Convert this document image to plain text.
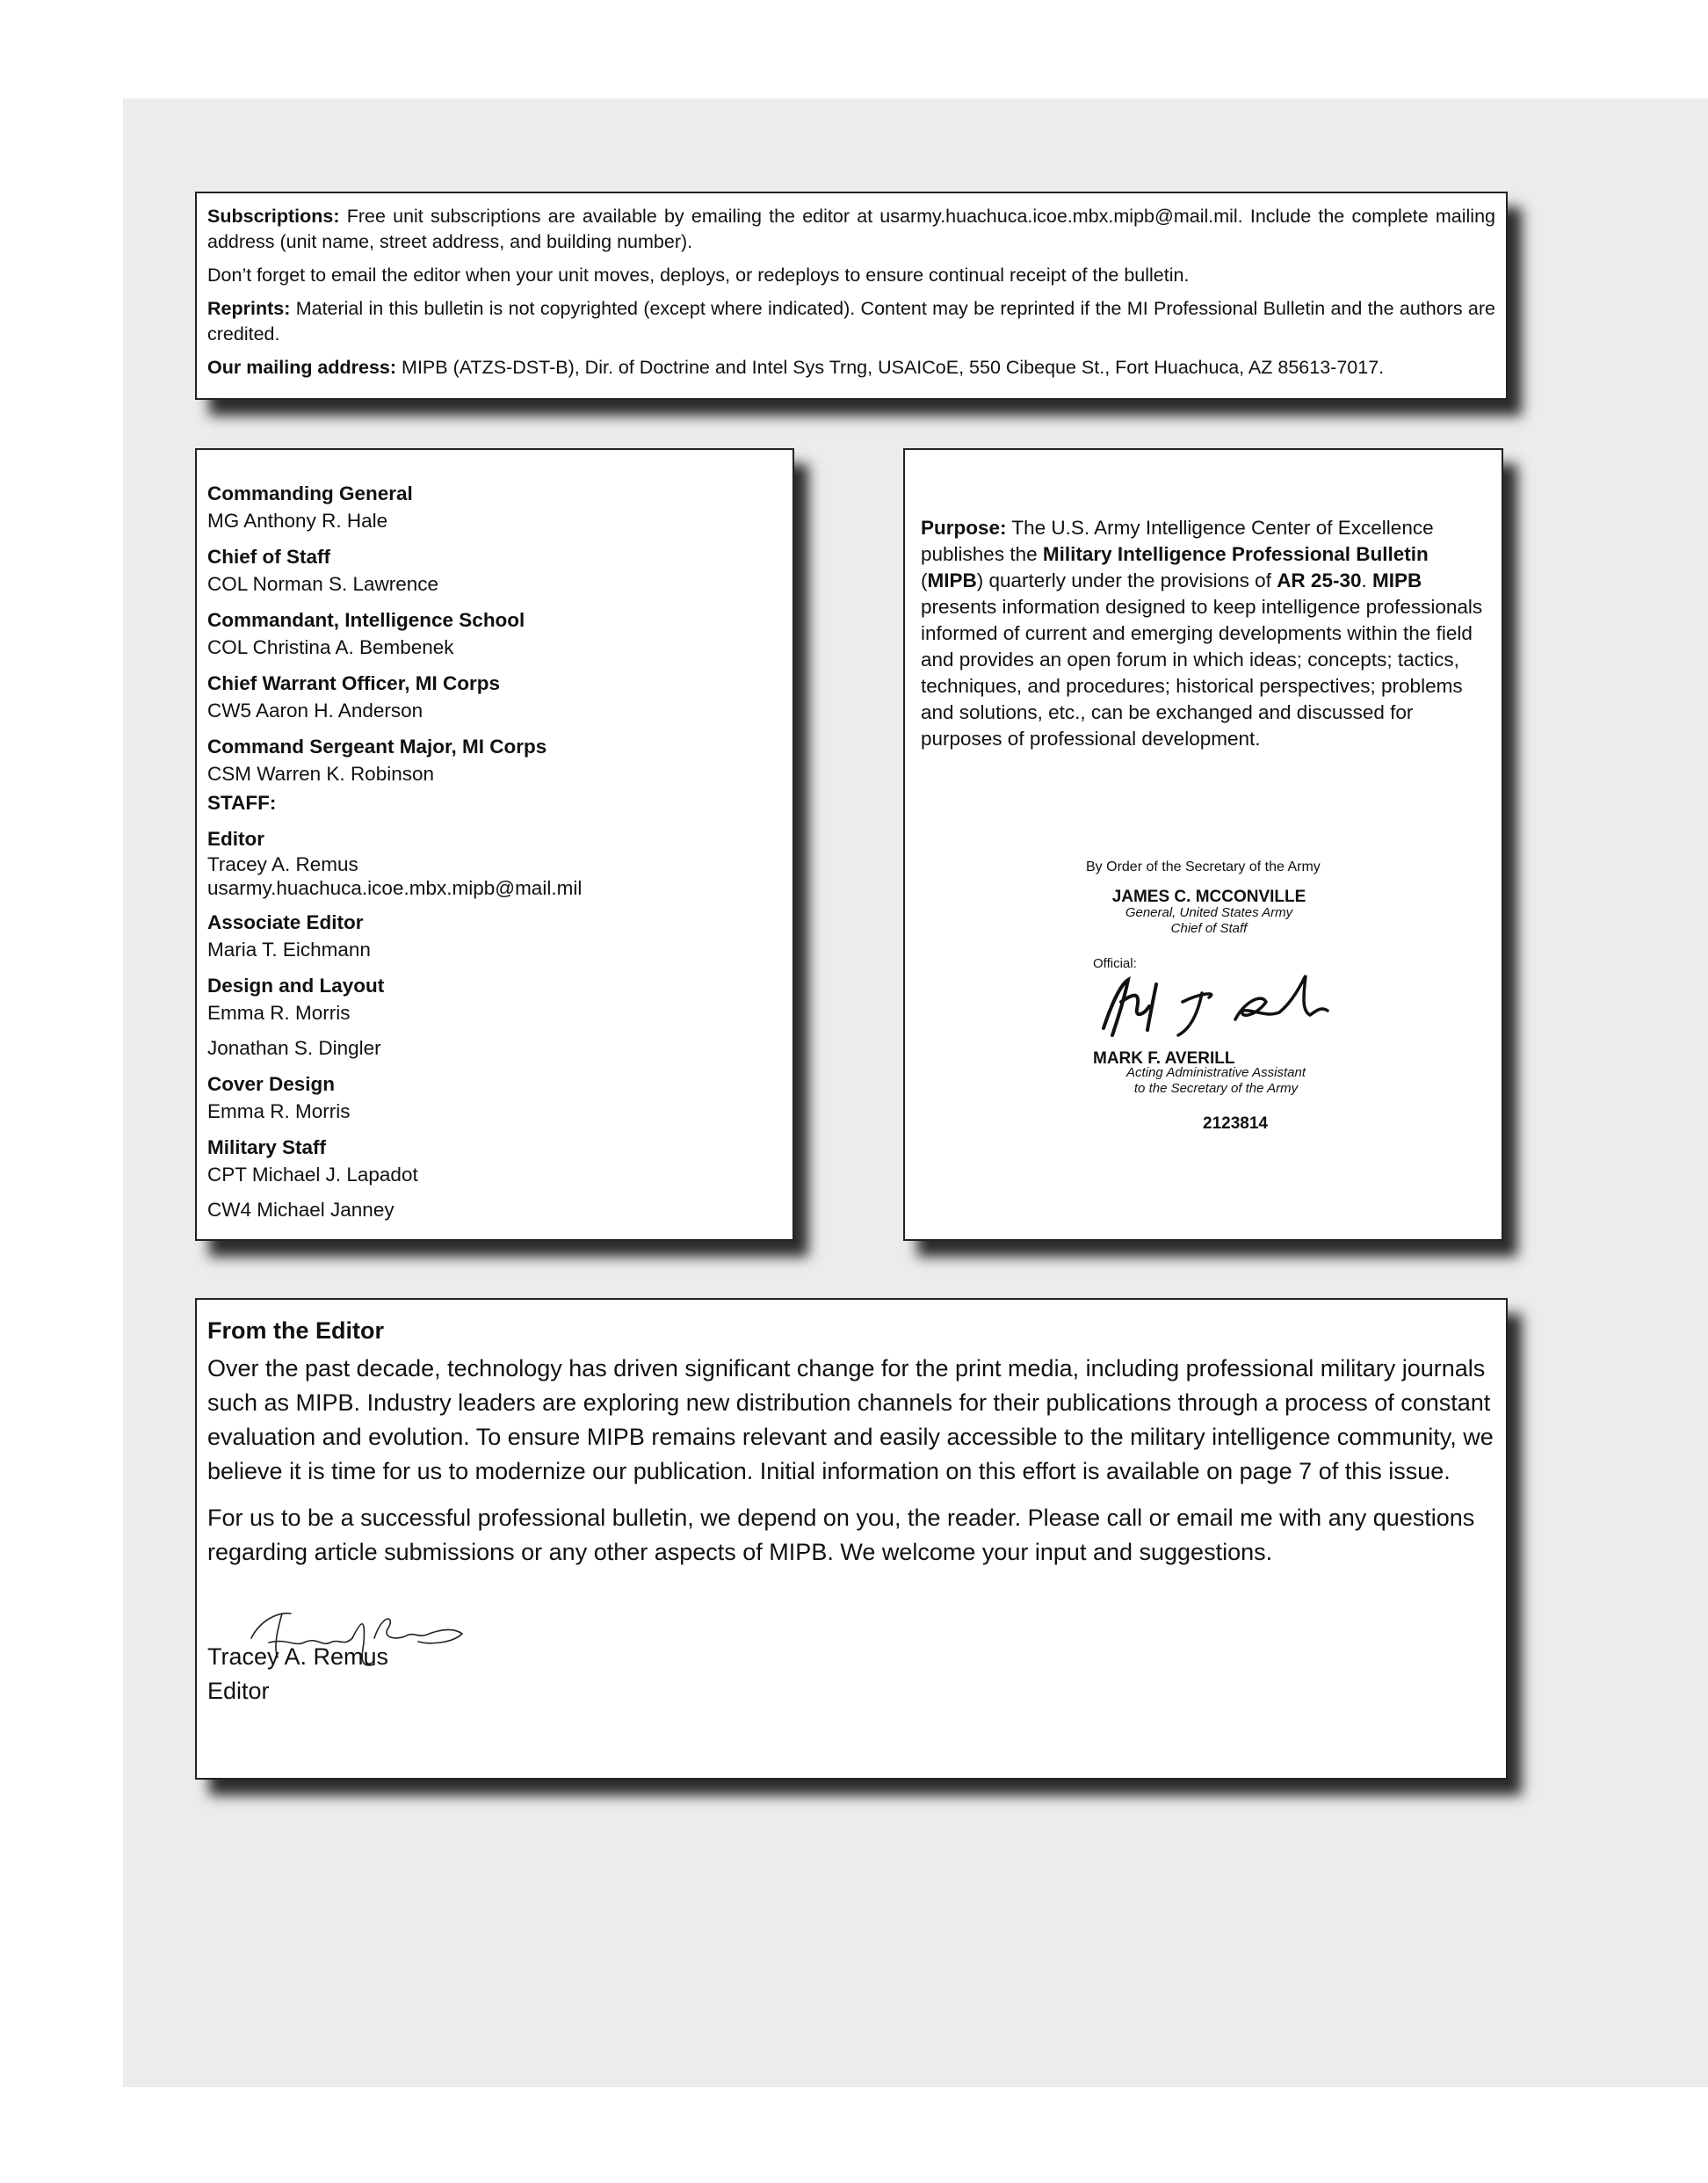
Subscriptions: Free unit subscriptions are available by emailing the editor at usarmy.huachuca.icoe.mbx.mipb@mail.mil. Include the complete mailing address (unit name, street address, and building number).

Don’t forget to email the editor when your unit moves, deploys, or redeploys to ensure continual receipt of the bulletin.

Reprints: Material in this bulletin is not copyrighted (except where indicated). Content may be reprinted if the MI Professional Bulletin and the authors are credited.

Our mailing address: MIPB (ATZS-DST-B), Dir. of Doctrine and Intel Sys Trng, USAICoE, 550 Cibeque St., Fort Huachuca, AZ 85613-7017.

Commanding General

MG Anthony R. Hale

Chief of Staff

COL Norman S. Lawrence

Commandant, Intelligence School

COL Christina A. Bembenek

Chief Warrant Officer, MI Corps

CW5 Aaron H. Anderson

Command Sergeant Major, MI Corps

CSM Warren K. Robinson

STAFF:

Editor

Tracey A. Remus

usarmy.huachuca.icoe.mbx.mipb@mail.mil

Associate Editor

Maria T. Eichmann

Design and Layout

Emma R. Morris

Jonathan S. Dingler

Cover Design

Emma R. Morris

Military Staff

CPT Michael J. Lapadot

CW4 Michael Janney

Purpose: The U.S. Army Intelligence Center of Excellence publishes the Military Intelligence Professional Bulletin (MIPB) quarterly under the provisions of AR 25-30. MIPB presents information designed to keep intelligence professionals informed of current and emerging developments within the field and provides an open forum in which ideas; concepts; tactics, techniques, and procedures; historical perspectives; problems and solutions, etc., can be exchanged and discussed for purposes of professional development.

By Order of the Secretary of the Army
JAMES C. MCCONVILLE
General, United States Army
Chief of Staff
Official:
MARK F. AVERILL
Acting Administrative Assistant
to the Secretary of the Army
2123814

From the Editor

Over the past decade, technology has driven significant change for the print media, including professional military journals such as MIPB. Industry leaders are exploring new distribution channels for their publications through a process of constant evaluation and evolution. To ensure MIPB remains relevant and easily accessible to the military intelligence community, we believe it is time for us to modernize our publication. Initial information on this effort is available on page 7 of this issue.

For us to be a successful professional bulletin, we depend on you, the reader. Please call or email me with any questions regarding article submissions or any other aspects of MIPB. We welcome your input and suggestions.

Tracey A. Remus
Editor
